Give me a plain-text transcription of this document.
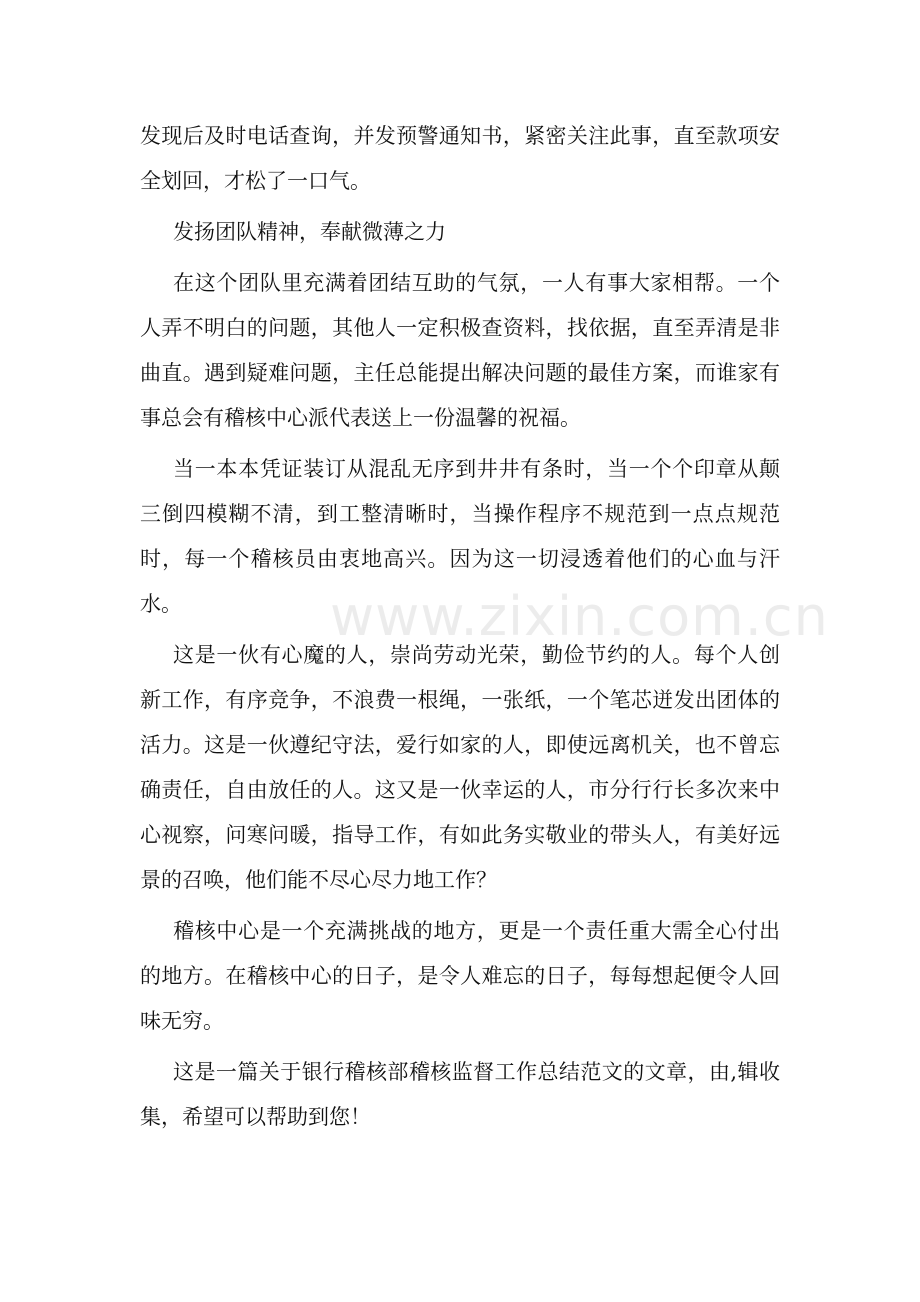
www.zixin.com.cn

发现后及时电话查询，并发预警通知书，紧密关注此事，直至款项安全划回，才松了一口气。

发扬团队精神，奉献微薄之力

在这个团队里充满着团结互助的气氛，一人有事大家相帮。一个人弄不明白的问题，其他人一定积极查资料，找依据，直至弄清是非曲直。遇到疑难问题，主任总能提出解决问题的最佳方案，而谁家有事总会有稽核中心派代表送上一份温馨的祝福。

当一本本凭证装订从混乱无序到井井有条时，当一个个印章从颠三倒四模糊不清，到工整清晰时，当操作程序不规范到一点点规范时，每一个稽核员由衷地高兴。因为这一切浸透着他们的心血与汗水。

这是一伙有心魔的人，崇尚劳动光荣，勤俭节约的人。每个人创新工作，有序竞争，不浪费一根绳，一张纸，一个笔芯迸发出团体的活力。这是一伙遵纪守法，爱行如家的人，即使远离机关，也不曾忘确责任，自由放任的人。这又是一伙幸运的人，市分行行长多次来中心视察，问寒问暖，指导工作，有如此务实敬业的带头人，有美好远景的召唤，他们能不尽心尽力地工作？

稽核中心是一个充满挑战的地方，更是一个责任重大需全心付出的地方。在稽核中心的日子，是令人难忘的日子，每每想起便令人回味无穷。

这是一篇关于银行稽核部稽核监督工作总结范文的文章，由,辑收集，希望可以帮助到您！
